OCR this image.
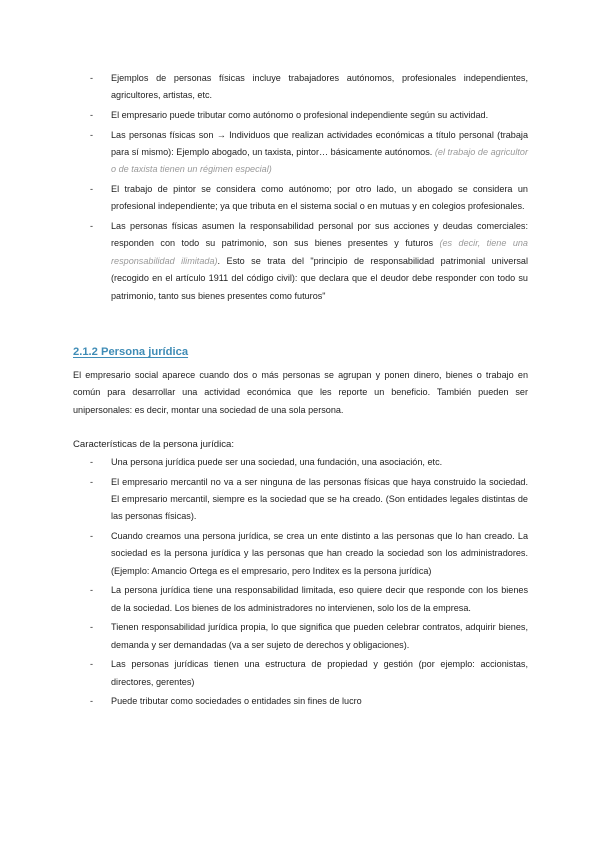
-	Ejemplos de personas físicas incluye trabajadores autónomos, profesionales independientes, agricultores, artistas, etc.
-	El empresario puede tributar como autónomo o profesional independiente según su actividad.
-	Las personas físicas son → Individuos que realizan actividades económicas a título personal (trabaja para sí mismo): Ejemplo abogado, un taxista, pintor… básicamente autónomos. (el trabajo de agricultor o de taxista tienen un régimen especial)
-	El trabajo de pintor se considera como autónomo; por otro lado, un abogado se considera un profesional independiente; ya que tributa en el sistema social o en mutuas y en colegios profesionales.
-	Las personas físicas asumen la responsabilidad personal por sus acciones y deudas comerciales: responden con todo su patrimonio, son sus bienes presentes y futuros (es decir, tiene una responsabilidad ilimitada). Esto se trata del "principio de responsabilidad patrimonial universal (recogido en el artículo 1911 del código civil): que declara que el deudor debe responder con todo su patrimonio, tanto sus bienes presentes como futuros"
2.1.2 Persona jurídica

El empresario social aparece cuando dos o más personas se agrupan y ponen dinero, bienes o trabajo en común para desarrollar una actividad económica que les reporte un beneficio. También pueden ser unipersonales: es decir, montar una sociedad de una sola persona.

Características de la persona jurídica:

-	Una persona jurídica puede ser una sociedad, una fundación, una asociación, etc.
-	El empresario mercantil no va a ser ninguna de las personas físicas que haya construido la sociedad. El empresario mercantil, siempre es la sociedad que se ha creado. (Son entidades legales distintas de las personas físicas).
-	Cuando creamos una persona jurídica, se crea un ente distinto a las personas que lo han creado. La sociedad es la persona jurídica y las personas que han creado la sociedad son los administradores. (Ejemplo: Amancio Ortega es el empresario, pero Inditex es la persona jurídica)
-	La persona jurídica tiene una responsabilidad limitada, eso quiere decir que responde con los bienes de la sociedad. Los bienes de los administradores no intervienen, solo los de la empresa.
-	Tienen responsabilidad jurídica propia, lo que significa que pueden celebrar contratos, adquirir bienes, demanda y ser demandadas (va a ser sujeto de derechos y obligaciones).
-	Las personas jurídicas tienen una estructura de propiedad y gestión (por ejemplo: accionistas, directores, gerentes)
-	Puede tributar como sociedades o entidades sin fines de lucro
